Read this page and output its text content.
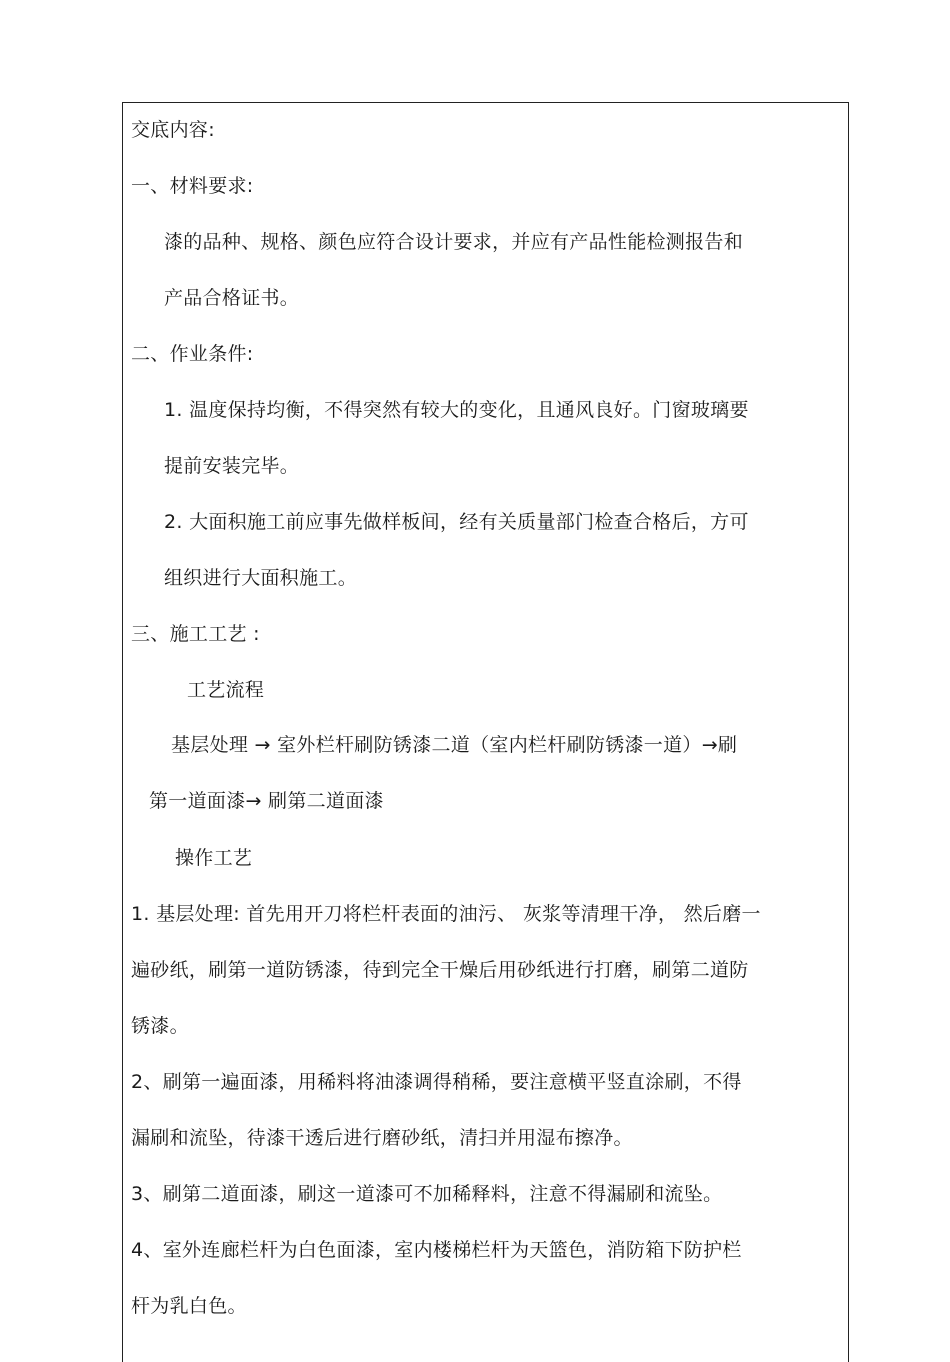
交底内容:
一、材料要求:
漆的品种、规格、颜色应符合设计要求，并应有产品性能检测报告和
产品合格证书。
二、作业条件:
1. 温度保持均衡，不得突然有较大的变化，且通风良好。门窗玻璃要
提前安装完毕。
2. 大面积施工前应事先做样板间，经有关质量部门检查合格后，方可
组织进行大面积施工。
三、施工工艺 :
工艺流程
基层处理 → 室外栏杆刷防锈漆二道（室内栏杆刷防锈漆一道）→刷
第一道面漆→ 刷第二道面漆
操作工艺
1. 基层处理: 首先用开刀将栏杆表面的油污、 灰浆等清理干净， 然后磨一
遍砂纸，刷第一道防锈漆，待到完全干燥后用砂纸进行打磨，刷第二道防
锈漆。
2、刷第一遍面漆，用稀料将油漆调得稍稀，要注意横平竖直涂刷，不得
漏刷和流坠，待漆干透后进行磨砂纸，清扫并用湿布擦净。
3、刷第二道面漆，刷这一道漆可不加稀释料，注意不得漏刷和流坠。
4、室外连廊栏杆为白色面漆，室内楼梯栏杆为天篮色，消防箱下防护栏
杆为乳白色。
